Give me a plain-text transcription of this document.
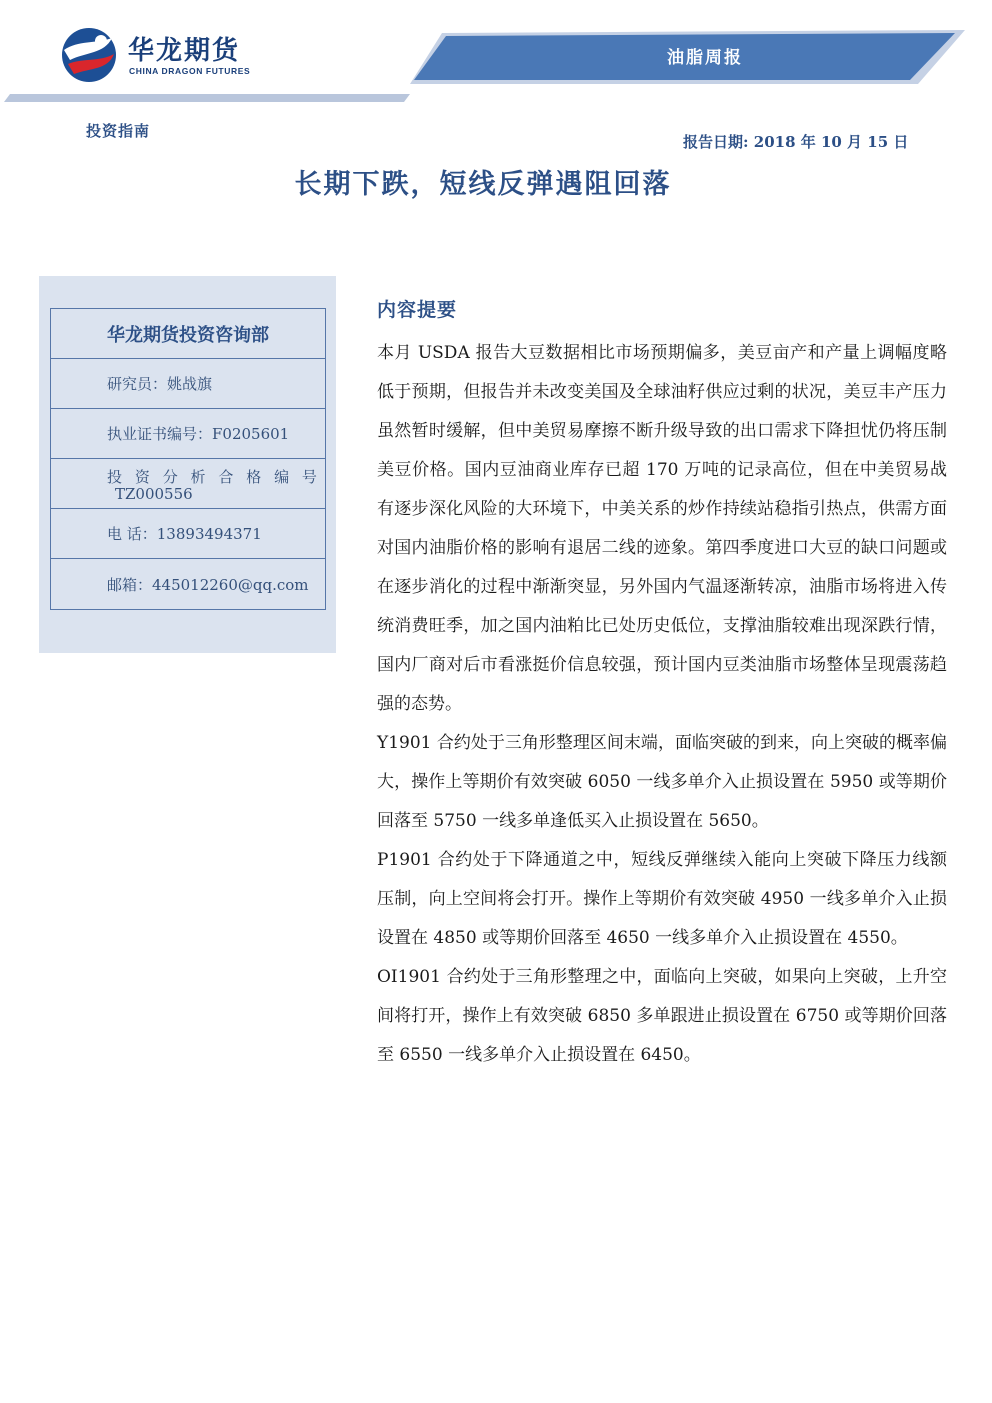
华龙期货
CHINA DRAGON FUTURES
油脂周报
投资指南
报告日期: 2018 年 10 月 15 日
长期下跌，短线反弹遇阻回落
华龙期货投资咨询部
研究员：姚战旗
执业证书编号：F0205601
投 资 分 析 合 格 编 号
TZ000556
电 话：13893494371
邮箱：445012260@qq.com
内容提要

本月 USDA 报告大豆数据相比市场预期偏多，美豆亩产和产量上调幅度略低于预期，但报告并未改变美国及全球油籽供应过剩的状况，美豆丰产压力虽然暂时缓解，但中美贸易摩擦不断升级导致的出口需求下降担忧仍将压制美豆价格。国内豆油商业库存已超 170 万吨的记录高位，但在中美贸易战有逐步深化风险的大环境下，中美关系的炒作持续站稳指引热点，供需方面对国内油脂价格的影响有退居二线的迹象。第四季度进口大豆的缺口问题或在逐步消化的过程中渐渐突显，另外国内气温逐渐转凉，油脂市场将进入传统消费旺季，加之国内油粕比已处历史低位，支撑油脂较难出现深跌行情，国内厂商对后市看涨挺价信息较强，预计国内豆类油脂市场整体呈现震荡趋强的态势。

Y1901 合约处于三角形整理区间末端，面临突破的到来，向上突破的概率偏大，操作上等期价有效突破 6050 一线多单介入止损设置在 5950 或等期价回落至 5750 一线多单逢低买入止损设置在 5650。

P1901 合约处于下降通道之中，短线反弹继续入能向上突破下降压力线额压制，向上空间将会打开。操作上等期价有效突破 4950 一线多单介入止损设置在 4850 或等期价回落至 4650 一线多单介入止损设置在 4550。

OI1901 合约处于三角形整理之中，面临向上突破，如果向上突破，上升空间将打开，操作上有效突破 6850 多单跟进止损设置在 6750 或等期价回落至 6550 一线多单介入止损设置在 6450。
